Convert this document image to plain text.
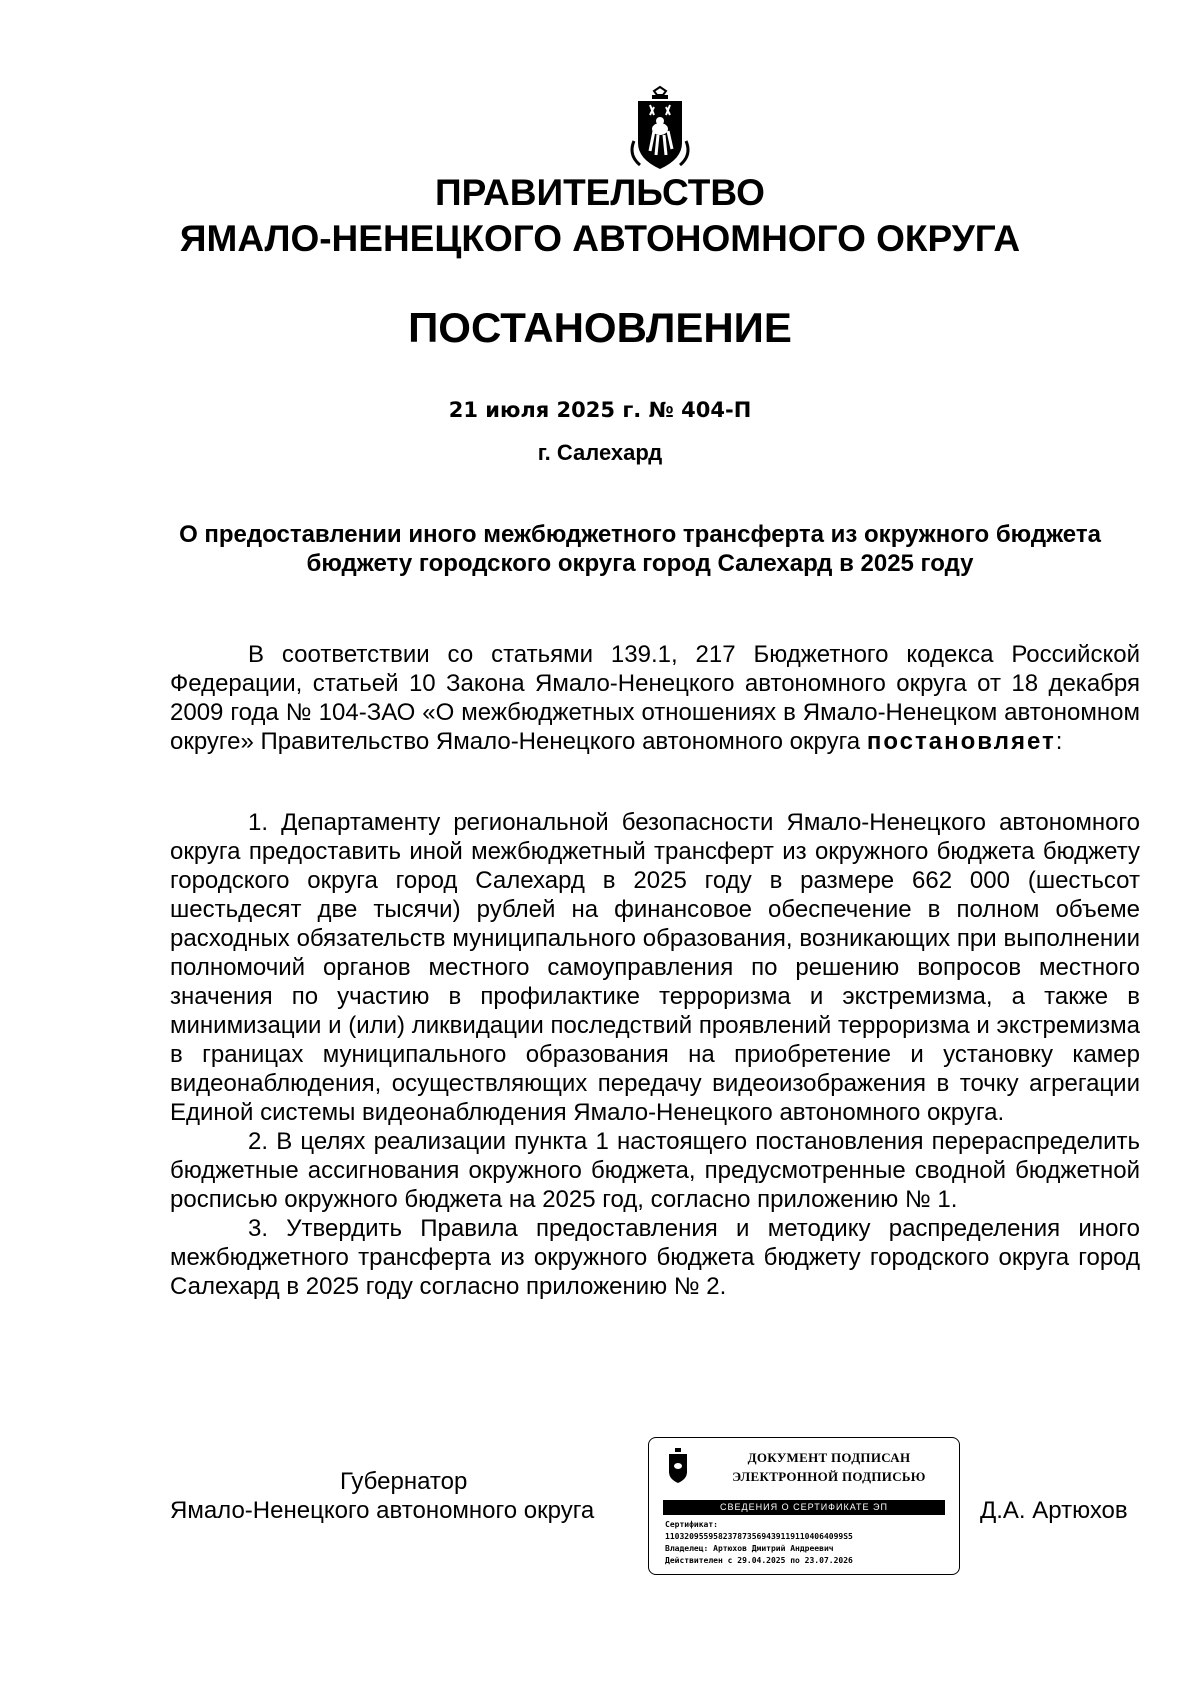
ПРАВИТЕЛЬСТВО
ЯМАЛО-НЕНЕЦКОГО АВТОНОМНОГО ОКРУГА
ПОСТАНОВЛЕНИЕ
21 июля 2025 г. № 404-П
г. Салехард
О предоставлении иного межбюджетного трансферта из окружного бюджета бюджету городского округа город Салехард в 2025 году

В соответствии со статьями 139.1, 217 Бюджетного кодекса Российской Федерации, статьей 10 Закона Ямало-Ненецкого автономного округа от 18 декабря 2009 года № 104-ЗАО «О межбюджетных отношениях в Ямало-Ненецком автономном округе» Правительство Ямало-Ненецкого автономного округа постановляет:

1. Департаменту региональной безопасности Ямало-Ненецкого автономного округа предоставить иной межбюджетный трансферт из окружного бюджета бюджету городского округа город Салехард в 2025 году в размере 662 000 (шестьсот шестьдесят две тысячи) рублей на финансовое обеспечение в полном объеме расходных обязательств муниципального образования, возникающих при выполнении полномочий органов местного самоуправления по решению вопросов местного значения по участию в профилактике терроризма и экстремизма, а также в минимизации и (или) ликвидации последствий проявлений терроризма и экстремизма в границах муниципального образования на приобретение и установку камер видеонаблюдения, осуществляющих передачу видеоизображения в точку агрегации Единой системы видеонаблюдения Ямало-Ненецкого автономного округа.

2. В целях реализации пункта 1 настоящего постановления перераспределить бюджетные ассигнования окружного бюджета, предусмотренные сводной бюджетной росписью окружного бюджета на 2025 год, согласно приложению № 1.

3. Утвердить Правила предоставления и методику распределения иного межбюджетного трансферта из окружного бюджета бюджету городского округа город Салехард в 2025 году согласно приложению № 2.

Губернатор
Ямало-Ненецкого автономного округа	Д.А. Артюхов
ДОКУМЕНТ ПОДПИСАН
ЭЛЕКТРОННОЙ ПОДПИСЬЮ
СВЕДЕНИЯ О СЕРТИФИКАТЕ ЭП
Сертификат:
1103209559582378735694391191104064099S5
Владелец: Артюхов Дмитрий Андреевич
Действителен с 29.04.2025 по 23.07.2026
